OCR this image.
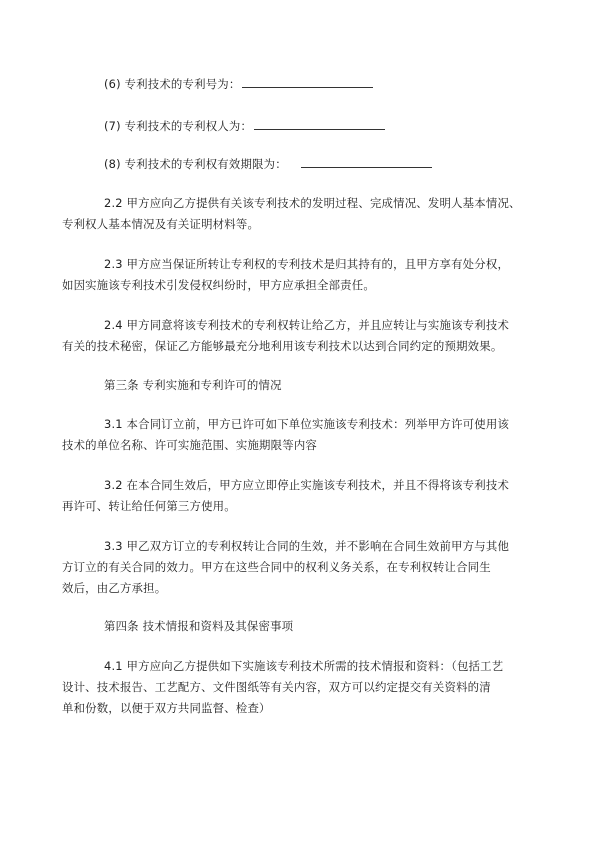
(6) 专利技术的专利号为：
(7) 专利技术的专利权人为：
(8) 专利技术的专利权有效期限为：
2.2 甲方应向乙方提供有关该专利技术的发明过程、完成情况、发明人基本情况、
专利权人基本情况及有关证明材料等。
2.3 甲方应当保证所转让专利权的专利技术是归其持有的，且甲方享有处分权，
如因实施该专利技术引发侵权纠纷时，甲方应承担全部责任。
2.4 甲方同意将该专利技术的专利权转让给乙方，并且应转让与实施该专利技术
有关的技术秘密，保证乙方能够最充分地利用该专利技术以达到合同约定的预期效果。
第三条 专利实施和专利许可的情况
3.1 本合同订立前，甲方已许可如下单位实施该专利技术：列举甲方许可使用该
技术的单位名称、许可实施范围、实施期限等内容
3.2 在本合同生效后，甲方应立即停止实施该专利技术，并且不得将该专利技术
再许可、转让给任何第三方使用。
3.3 甲乙双方订立的专利权转让合同的生效，并不影响在合同生效前甲方与其他
方订立的有关合同的效力。甲方在这些合同中的权利义务关系，在专利权转让合同生
效后，由乙方承担。
第四条 技术情报和资料及其保密事项
4.1 甲方应向乙方提供如下实施该专利技术所需的技术情报和资料：（包括工艺
设计、技术报告、工艺配方、文件图纸等有关内容，双方可以约定提交有关资料的清
单和份数，以便于双方共同监督、检查）
